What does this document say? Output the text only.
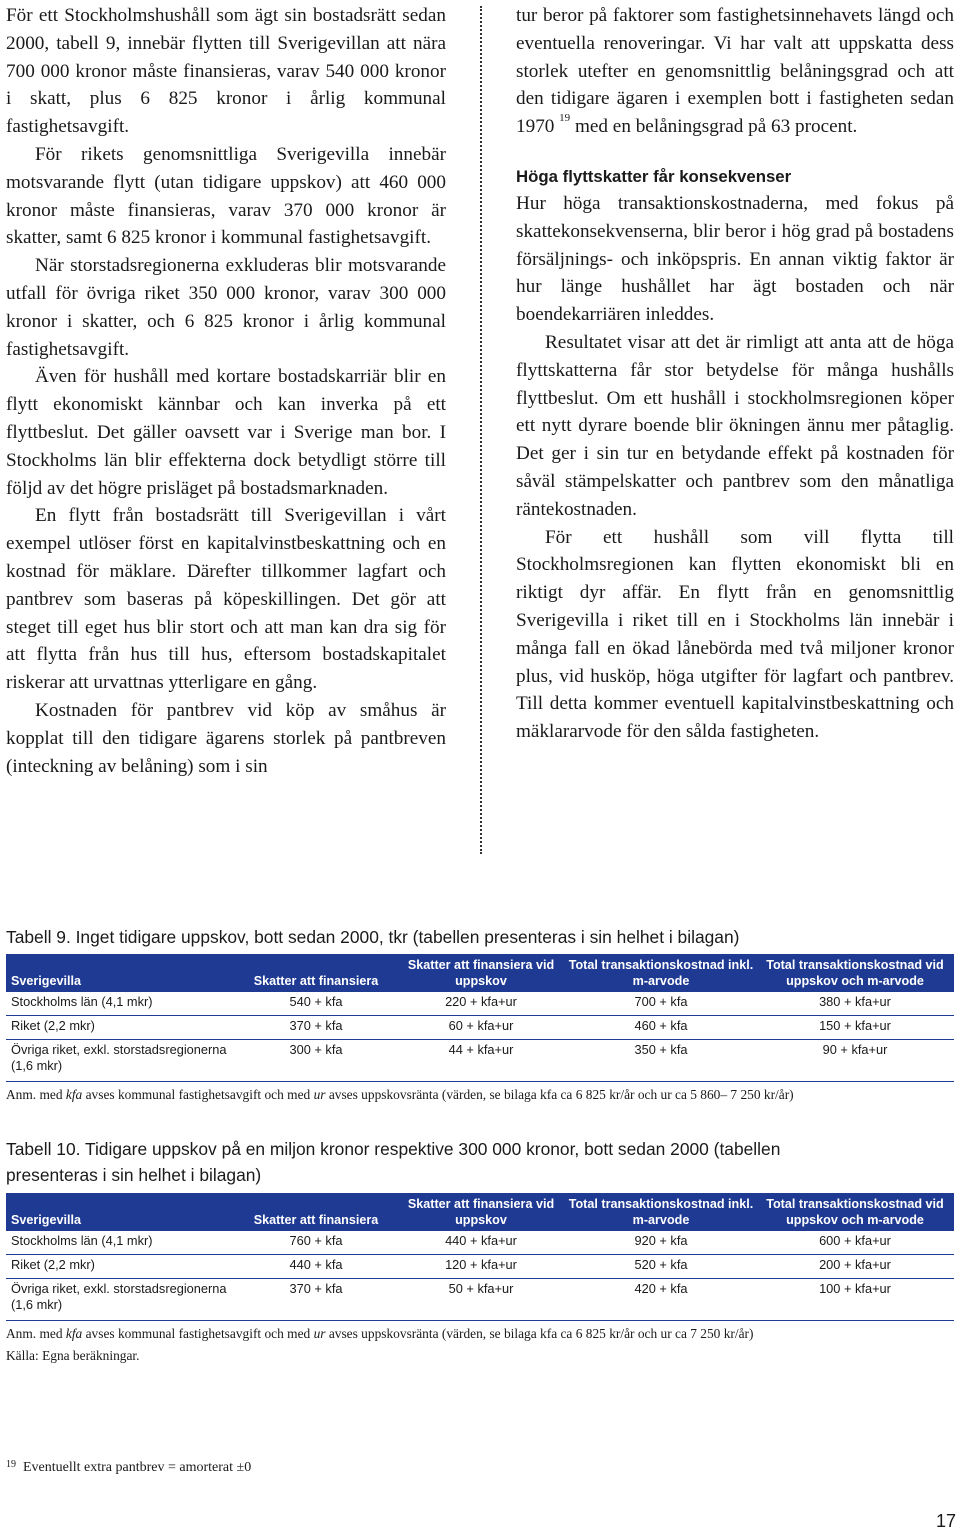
För ett Stockholmshushåll som ägt sin bostadsrätt sedan 2000, tabell 9, innebär flytten till Sverigevillan att nära 700 000 kronor måste finansieras, varav 540 000 kronor i skatt, plus 6 825 kronor i årlig kommunal fastighetsavgift.

För rikets genomsnittliga Sverigevilla innebär motsvarande flytt (utan tidigare uppskov) att 460 000 kronor måste finansieras, varav 370 000 kronor är skatter, samt 6 825 kronor i kommunal fastighetsavgift.

När storstadsregionerna exkluderas blir motsvarande utfall för övriga riket 350 000 kronor, varav 300 000 kronor i skatter, och 6 825 kronor i årlig kommunal fastighetsavgift.

Även för hushåll med kortare bostadskarriär blir en flytt ekonomiskt kännbar och kan inverka på ett flyttbeslut. Det gäller oavsett var i Sverige man bor. I Stockholms län blir effekterna dock betydligt större till följd av det högre prisläget på bostadsmarknaden.

En flytt från bostadsrätt till Sverigevillan i vårt exempel utlöser först en kapitalvinstbeskattning och en kostnad för mäklare. Därefter tillkommer lagfart och pantbrev som baseras på köpeskillingen. Det gör att steget till eget hus blir stort och att man kan dra sig för att flytta från hus till hus, eftersom bostadskapitalet riskerar att urvattnas ytterligare en gång.

Kostnaden för pantbrev vid köp av småhus är kopplat till den tidigare ägarens storlek på pantbreven (inteckning av belåning) som i sin

tur beror på faktorer som fastighetsinnehavets längd och eventuella renoveringar. Vi har valt att uppskatta dess storlek utefter en genomsnittlig belåningsgrad och att den tidigare ägaren i exemplen bott i fastigheten sedan 1970 $^{19}$ med en belåningsgrad på 63 procent.

Höga flyttskatter får konsekvenser

Hur höga transaktionskostnaderna, med fokus på skattekonsekvenserna, blir beror i hög grad på bostadens försäljnings- och inköpspris. En annan viktig faktor är hur länge hushållet har ägt bostaden och när boendekarriären inleddes.

Resultatet visar att det är rimligt att anta att de höga flyttskatterna får stor betydelse för många hushålls flyttbeslut. Om ett hushåll i stockholmsregionen köper ett nytt dyrare boende blir ökningen ännu mer påtaglig. Det ger i sin tur en betydande effekt på kostnaden för såväl stämpelskatter och pantbrev som den månatliga räntekostnaden.

För ett hushåll som vill flytta till Stockholmsregionen kan flytten ekonomiskt bli en riktigt dyr affär. En flytt från en genomsnittlig Sverigevilla i riket till en i Stockholms län innebär i många fall en ökad lånebörda med två miljoner kronor plus, vid husköp, höga utgifter för lagfart och pantbrev. Till detta kommer eventuell kapitalvinstbeskattning och mäklararvode för den sålda fastigheten.

Tabell 9. Inget tidigare uppskov, bott sedan 2000, tkr (tabellen presenteras i sin helhet i bilagan)
Sverigevilla	Skatter att finansiera	Skatter att finansiera vid uppskov	Total transaktionskostnad inkl. m-arvode	Total transaktionskostnad vid uppskov och m-arvode
Stockholms län (4,1 mkr)	540 + kfa	220 + kfa+ur	700 + kfa	380 + kfa+ur
Riket (2,2 mkr)	370 + kfa	60 + kfa+ur	460 + kfa	150 + kfa+ur
Övriga riket, exkl. storstadsregionerna (1,6 mkr)	300 + kfa	44 + kfa+ur	350 + kfa	90 + kfa+ur
Anm. med kfa avses kommunal fastighetsavgift och med ur avses uppskovsränta (värden, se bilaga kfa ca 6 825 kr/år och ur ca 5 860– 7 250 kr/år)
Tabell 10. Tidigare uppskov på en miljon kronor respektive 300 000 kronor, bott sedan 2000 (tabellen presenteras i sin helhet i bilagan)
Sverigevilla	Skatter att finansiera	Skatter att finansiera vid uppskov	Total transaktionskostnad inkl. m-arvode	Total transaktionskostnad vid uppskov och m-arvode
Stockholms län (4,1 mkr)	760 + kfa	440 + kfa+ur	920 + kfa	600 + kfa+ur
Riket (2,2 mkr)	440 + kfa	120 + kfa+ur	520 + kfa	200 + kfa+ur
Övriga riket, exkl. storstadsregionerna (1,6 mkr)	370 + kfa	50 + kfa+ur	420 + kfa	100 + kfa+ur
Anm. med kfa avses kommunal fastighetsavgift och med ur avses uppskovsränta (värden, se bilaga kfa ca 6 825 kr/år och ur ca 7 250 kr/år)
Källa: Egna beräkningar.
$^{19}$ Eventuellt extra pantbrev = amorterat ±0
17
